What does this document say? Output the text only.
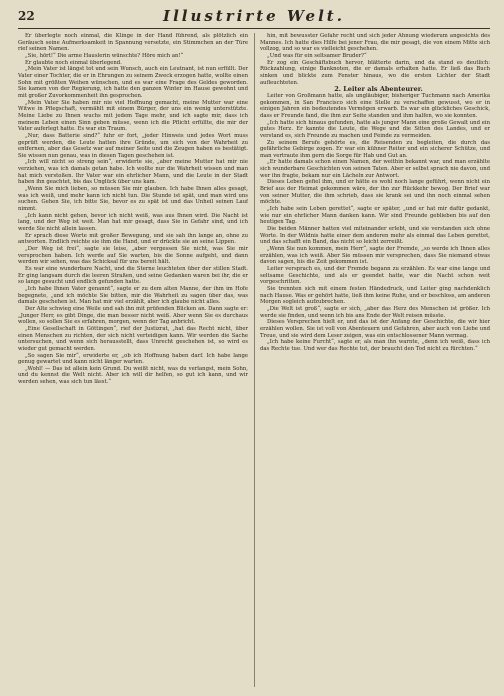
22	Illustrirte Welt.

Er überlegte noch einmal, die Klinge in der Hand führend, als plötzlich ein Geräusch seine Aufmerksamkeit in Spannung versetzte, ein Stimmchen an der Türe rief seinen Namen.

„Sie, hört!“ Die arme Hauslerin wünschte? Höre mich an!“

Er glaubte noch einmal überlegend.

„Mein Vater ist längst tot und sein Wunsch, auch ein Leutnant, ist nun erfüllt. Der Vater einer Tochter, die er in Ehrungen zu seinem Zweck erzogen hatte, wollte einen Sohn mit größten Weihen wünschen, und es war eine Frage des Geldes geworden. Sie kamen von der Regierung, ich hatte den ganzen Winter im Hause gewohnt und mit großer Zuvorkommenheit ihn gesprochen.

„Mein Vater Sie haben mir nie viel Hoffnung gemacht, meine Mutter war eine Witwe in Pflegschaft, vermählt mit einem Bürger, der uns ein wenig unterstützte. Meine Liebe zu Ihnen wuchs mit jedem Tage mehr, und ich sagte mir, dass ich meinem Leben einen Sinn geben müsse, wenn ich die Pflicht erfüllte, die mir der Vater auferlegt hatte. Es war ein Traum.

„Nur, dass Batterie sind?“ fuhr er fort, „jeder Hinweis und jedes Wort muss geprüft werden, die Leute hatten ihre Gründe, um sich von der Wahrheit zu entfernen, aber das Gesetz war auf meiner Seite und die Zeugen haben es bestätigt. Sie wissen nun genau, was in diesen Tagen geschehen ist.

„Ich will nicht so streng sein“, erwiderte sie, „aber meine Mutter hat mir nie verziehen, was ich damals getan habe. Ich wollte nur die Wahrheit wissen und man hat mich verstoßen. Ihr Vater war ein ehrlicher Mann, und die Leute in der Stadt haben ihn geachtet, bis das Unglück über uns kam.

„Wenn Sie mich lieben, so müssen Sie mir glauben. Ich habe Ihnen alles gesagt, was ich weiß, und mehr kann ich nicht tun. Die Stunde ist spät, und man wird uns suchen. Gehen Sie, ich bitte Sie, bevor es zu spät ist und das Unheil seinen Lauf nimmt.

„Ich kann nicht gehen, bevor ich nicht weiß, was aus Ihnen wird. Die Nacht ist lang, und der Weg ist weit. Man hat mir gesagt, dass Sie in Gefahr sind, und ich werde Sie nicht allein lassen.

Er sprach diese Worte mit großer Bewegung, und sie sah ihn lange an, ohne zu antworten. Endlich reichte sie ihm die Hand, und er drückte sie an seine Lippen.

„Der Weg ist frei“, sagte sie leise, „aber vergessen Sie nicht, was Sie mir versprochen haben. Ich werde auf Sie warten, bis die Sonne aufgeht, und dann werden wir sehen, was das Schicksal für uns bereit hält.

Es war eine wunderbare Nacht, und die Sterne leuchteten über der stillen Stadt. Er ging langsam durch die leeren Straßen, und seine Gedanken waren bei ihr, die er so lange gesucht und endlich gefunden hatte.

„Ich habe Ihnen Vater genannt“, sagte er zu dem alten Manne, der ihm im Hofe begegnete, „und ich möchte Sie bitten, mir die Wahrheit zu sagen über das, was damals geschehen ist. Man hat mir viel erzählt, aber ich glaube nicht alles.

Der Alte schwieg eine Weile und sah ihn mit prüfenden Blicken an. Dann sagte er: „Junger Herr, es gibt Dinge, die man besser nicht weiß. Aber wenn Sie es durchaus wollen, so sollen Sie es erfahren, morgen, wenn der Tag anbricht.

„Eine Gesellschaft in Göttingen“, rief der Justizrat, „hat das Recht nicht, über einen Menschen zu richten, der sich nicht verteidigen kann. Wir werden die Sache untersuchen, und wenn sich herausstellt, dass Unrecht geschehen ist, so wird es wieder gut gemacht werden.

„So sagen Sie mir“, erwiderte er, „ob ich Hoffnung haben darf. Ich habe lange genug gewartet und kann nicht länger warten.

„Wohl! — Das ist allein kein Grund. Du weißt nicht, was du verlangst, mein Sohn, und du kennst die Welt nicht. Aber ich will dir helfen, so gut ich kann, und wir werden sehen, was sich tun lässt.“

hin, mit bewusster Gefahr recht und sich jeder Ahnung wiederum angesichts des Mannes. Ich hatte dies Hilfe bei jener Frau, die mir gesagt, die von einem Mitte sich vollzog, und so war es vielleicht geschehen.

„Und was für ein seltsamer Bruder?“

Er zog ein Geschäftsbuch hervor, blätterte darin, und da stand es deutlich: Rückzahlung, einige Banknoten, die er damals erhalten hatte. Er ließ das Buch sinken und blickte zum Fenster hinaus, wo die ersten Lichter der Stadt aufleuchteten.

2. Leiter als Abenteurer.

Leiter von Großmann hatte, als ungläubiger, bisheriger Tuchmann nach Amerika gekommen, in San Francisco sich eine Stelle zu verschaffen gewusst, wo er in einigen Jahren ein bedeutendes Vermögen erwarb. Es war ein glückliches Geschick, dass er Freunde fand, die ihm zur Seite standen und ihm halfen, wo sie konnten.

„Ich hatte sich hinaus gefunden, hatte als junger Mann eine große Gewalt und ein gutes Herz. Er kannte die Leute, die Wege und die Sitten des Landes, und er verstand es, sich Freunde zu machen und Feinde zu vermeiden.

Zu seinem Berufe gehörte es, die Reisenden zu begleiten, die durch das gefährliche Gebirge zogen. Er war ein kühner Reiter und ein sicherer Schütze, und man vertraute ihm gern die Sorge für Hab und Gut an.

„Er hatte damals schon einen Namen, der weithin bekannt war, und man erzählte sich wunderbare Geschichten von seinen Taten. Aber er selbst sprach nie davon, und wer ihn fragte, bekam nur ein Lächeln zur Antwort.

Dieses Leben gefiel ihm, und er hätte es wohl noch lange geführt, wenn nicht ein Brief aus der Heimat gekommen wäre, der ihn zur Rückkehr bewog. Der Brief war von seiner Mutter, die ihm schrieb, dass sie krank sei und ihn noch einmal sehen möchte.

„Ich habe sein Leben gerettet“, sagte er später, „und er hat mir dafür gedankt, wie nur ein ehrlicher Mann danken kann. Wir sind Freunde geblieben bis auf den heutigen Tag.

Die beiden Männer hatten viel miteinander erlebt, und sie verstanden sich ohne Worte. In der Wildnis hatte einer dem anderen mehr als einmal das Leben gerettet, und das schafft ein Band, das nicht so leicht zerreißt.

„Wenn Sie nun kommen, mein Herr“, sagte der Fremde, „so werde ich Ihnen alles erzählen, was ich weiß. Aber Sie müssen mir versprechen, dass Sie niemand etwas davon sagen, bis die Zeit gekommen ist.

Leiter versprach es, und der Fremde begann zu erzählen. Es war eine lange und seltsame Geschichte, und als er geendet hatte, war die Nacht schon weit vorgeschritten.

Sie trennten sich mit einem festen Händedruck, und Leiter ging nachdenklich nach Hause. Was er gehört hatte, ließ ihm keine Ruhe, und er beschloss, am anderen Morgen sogleich aufzubrechen.

„Die Welt ist groß“, sagte er sich, „aber das Herz des Menschen ist größer. Ich werde sie finden, und wenn ich bis ans Ende der Welt reisen müsste.

Dieses Versprechen hielt er, und das ist der Anfang der Geschichte, die wir hier erzählen wollen. Sie ist voll von Abenteuern und Gefahren, aber auch von Liebe und Treue, und sie wird dem Leser zeigen, was ein entschlossener Mann vermag.

„Ich habe keine Furcht“, sagte er, als man ihn warnte, „denn ich weiß, dass ich das Rechte tue. Und wer das Rechte tut, der braucht den Tod nicht zu fürchten.“
